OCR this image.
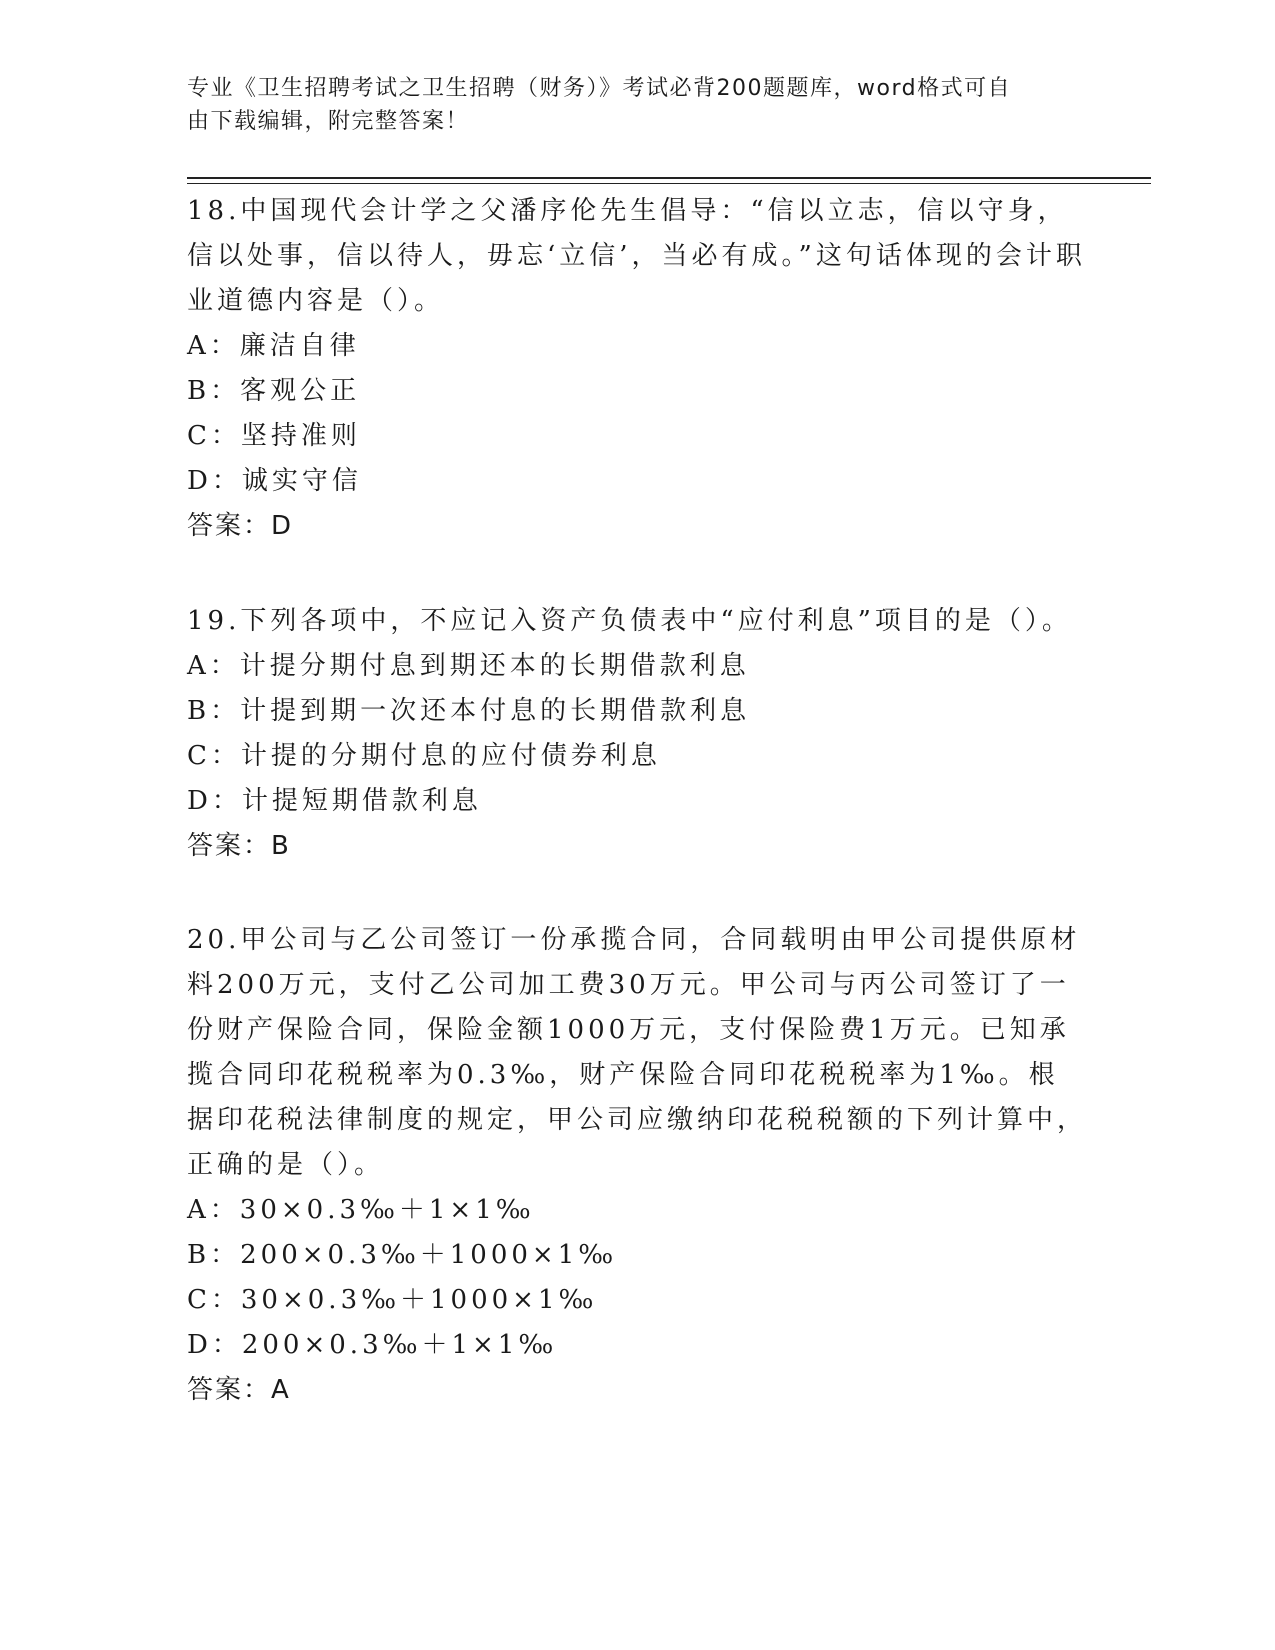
专业《卫生招聘考试之卫生招聘（财务）》考试必背200题题库，word格式可自
由下载编辑，附完整答案！

18.中国现代会计学之父潘序伦先生倡导：“信以立志，信以守身，信以处事，信以待人，毋忘‘立信’，当必有成。”这句话体现的会计职业道德内容是（）。

A：廉洁自律

B：客观公正

C：坚持准则

D：诚实守信

答案：D

19.下列各项中，不应记入资产负债表中“应付利息”项目的是（）。

A：计提分期付息到期还本的长期借款利息

B：计提到期一次还本付息的长期借款利息

C：计提的分期付息的应付债券利息

D：计提短期借款利息

答案：B

20.甲公司与乙公司签订一份承揽合同，合同载明由甲公司提供原材料200万元，支付乙公司加工费30万元。甲公司与丙公司签订了一份财产保险合同，保险金额1000万元，支付保险费1万元。已知承揽合同印花税税率为0.3‰，财产保险合同印花税税率为1‰。根据印花税法律制度的规定，甲公司应缴纳印花税税额的下列计算中，正确的是（）。

A：30×0.3‰＋1×1‰

B：200×0.3‰＋1000×1‰

C：30×0.3‰＋1000×1‰

D：200×0.3‰＋1×1‰

答案：A
